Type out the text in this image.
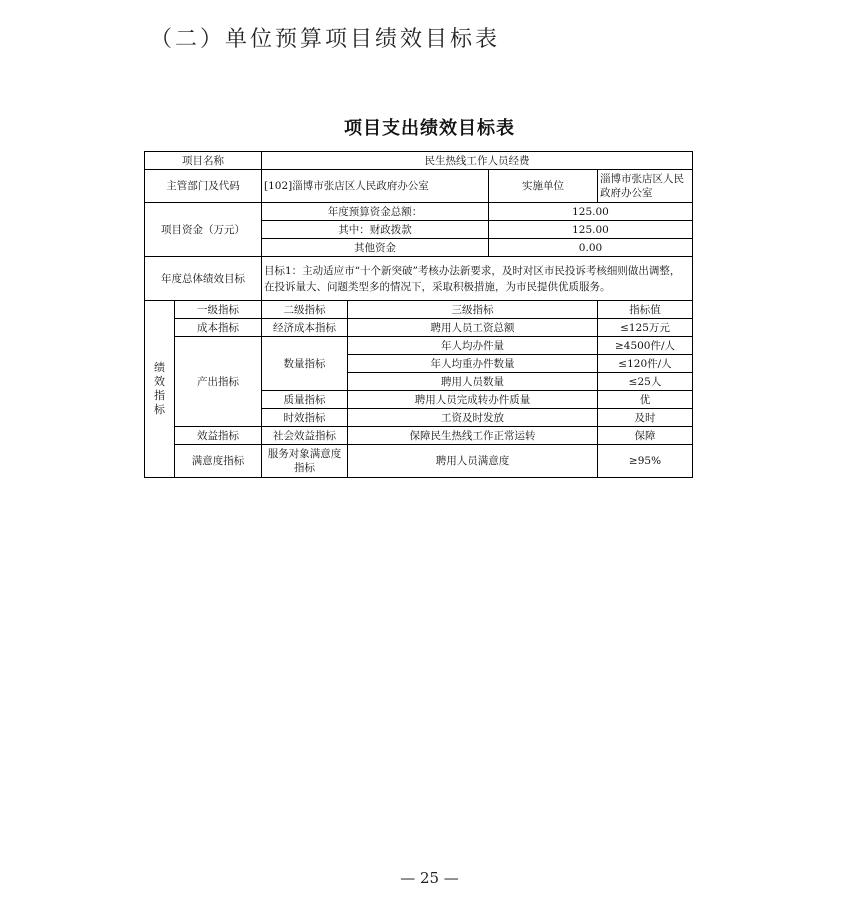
（二）单位预算项目绩效目标表
项目支出绩效目标表
项目名称		民生热线工作人员经费			
主管部门及代码		[102]淄博市张店区人民政府办公室		实施单位	淄博市张店区人民政府办公室
项目资金（万元）		年度预算资金总额：		125.00	
		其中：财政拨款		125.00	
		其他资金		0.00	
年度总体绩效目标		目标1：主动适应市“十个新突破”考核办法新要求，及时对区市民投诉考核细则做出调整，在投诉量大、问题类型多的情况下，采取积极措施，为市民提供优质服务。			

绩
效
指
标	一级指标	二级指标	三级指标		指标值
	成本指标	经济成本指标	聘用人员工资总额		≤125万元
	产出指标	数量指标	年人均办件量		≥4500件/人
			年人均重办件数量		≤120件/人
			聘用人员数量		≤25人
		质量指标	聘用人员完成转办件质量		优
		时效指标	工资及时发放		及时
	效益指标	社会效益指标	保障民生热线工作正常运转		保障
	满意度指标	服务对象满意度指标	聘用人员满意度		≥95%
— 25 —
